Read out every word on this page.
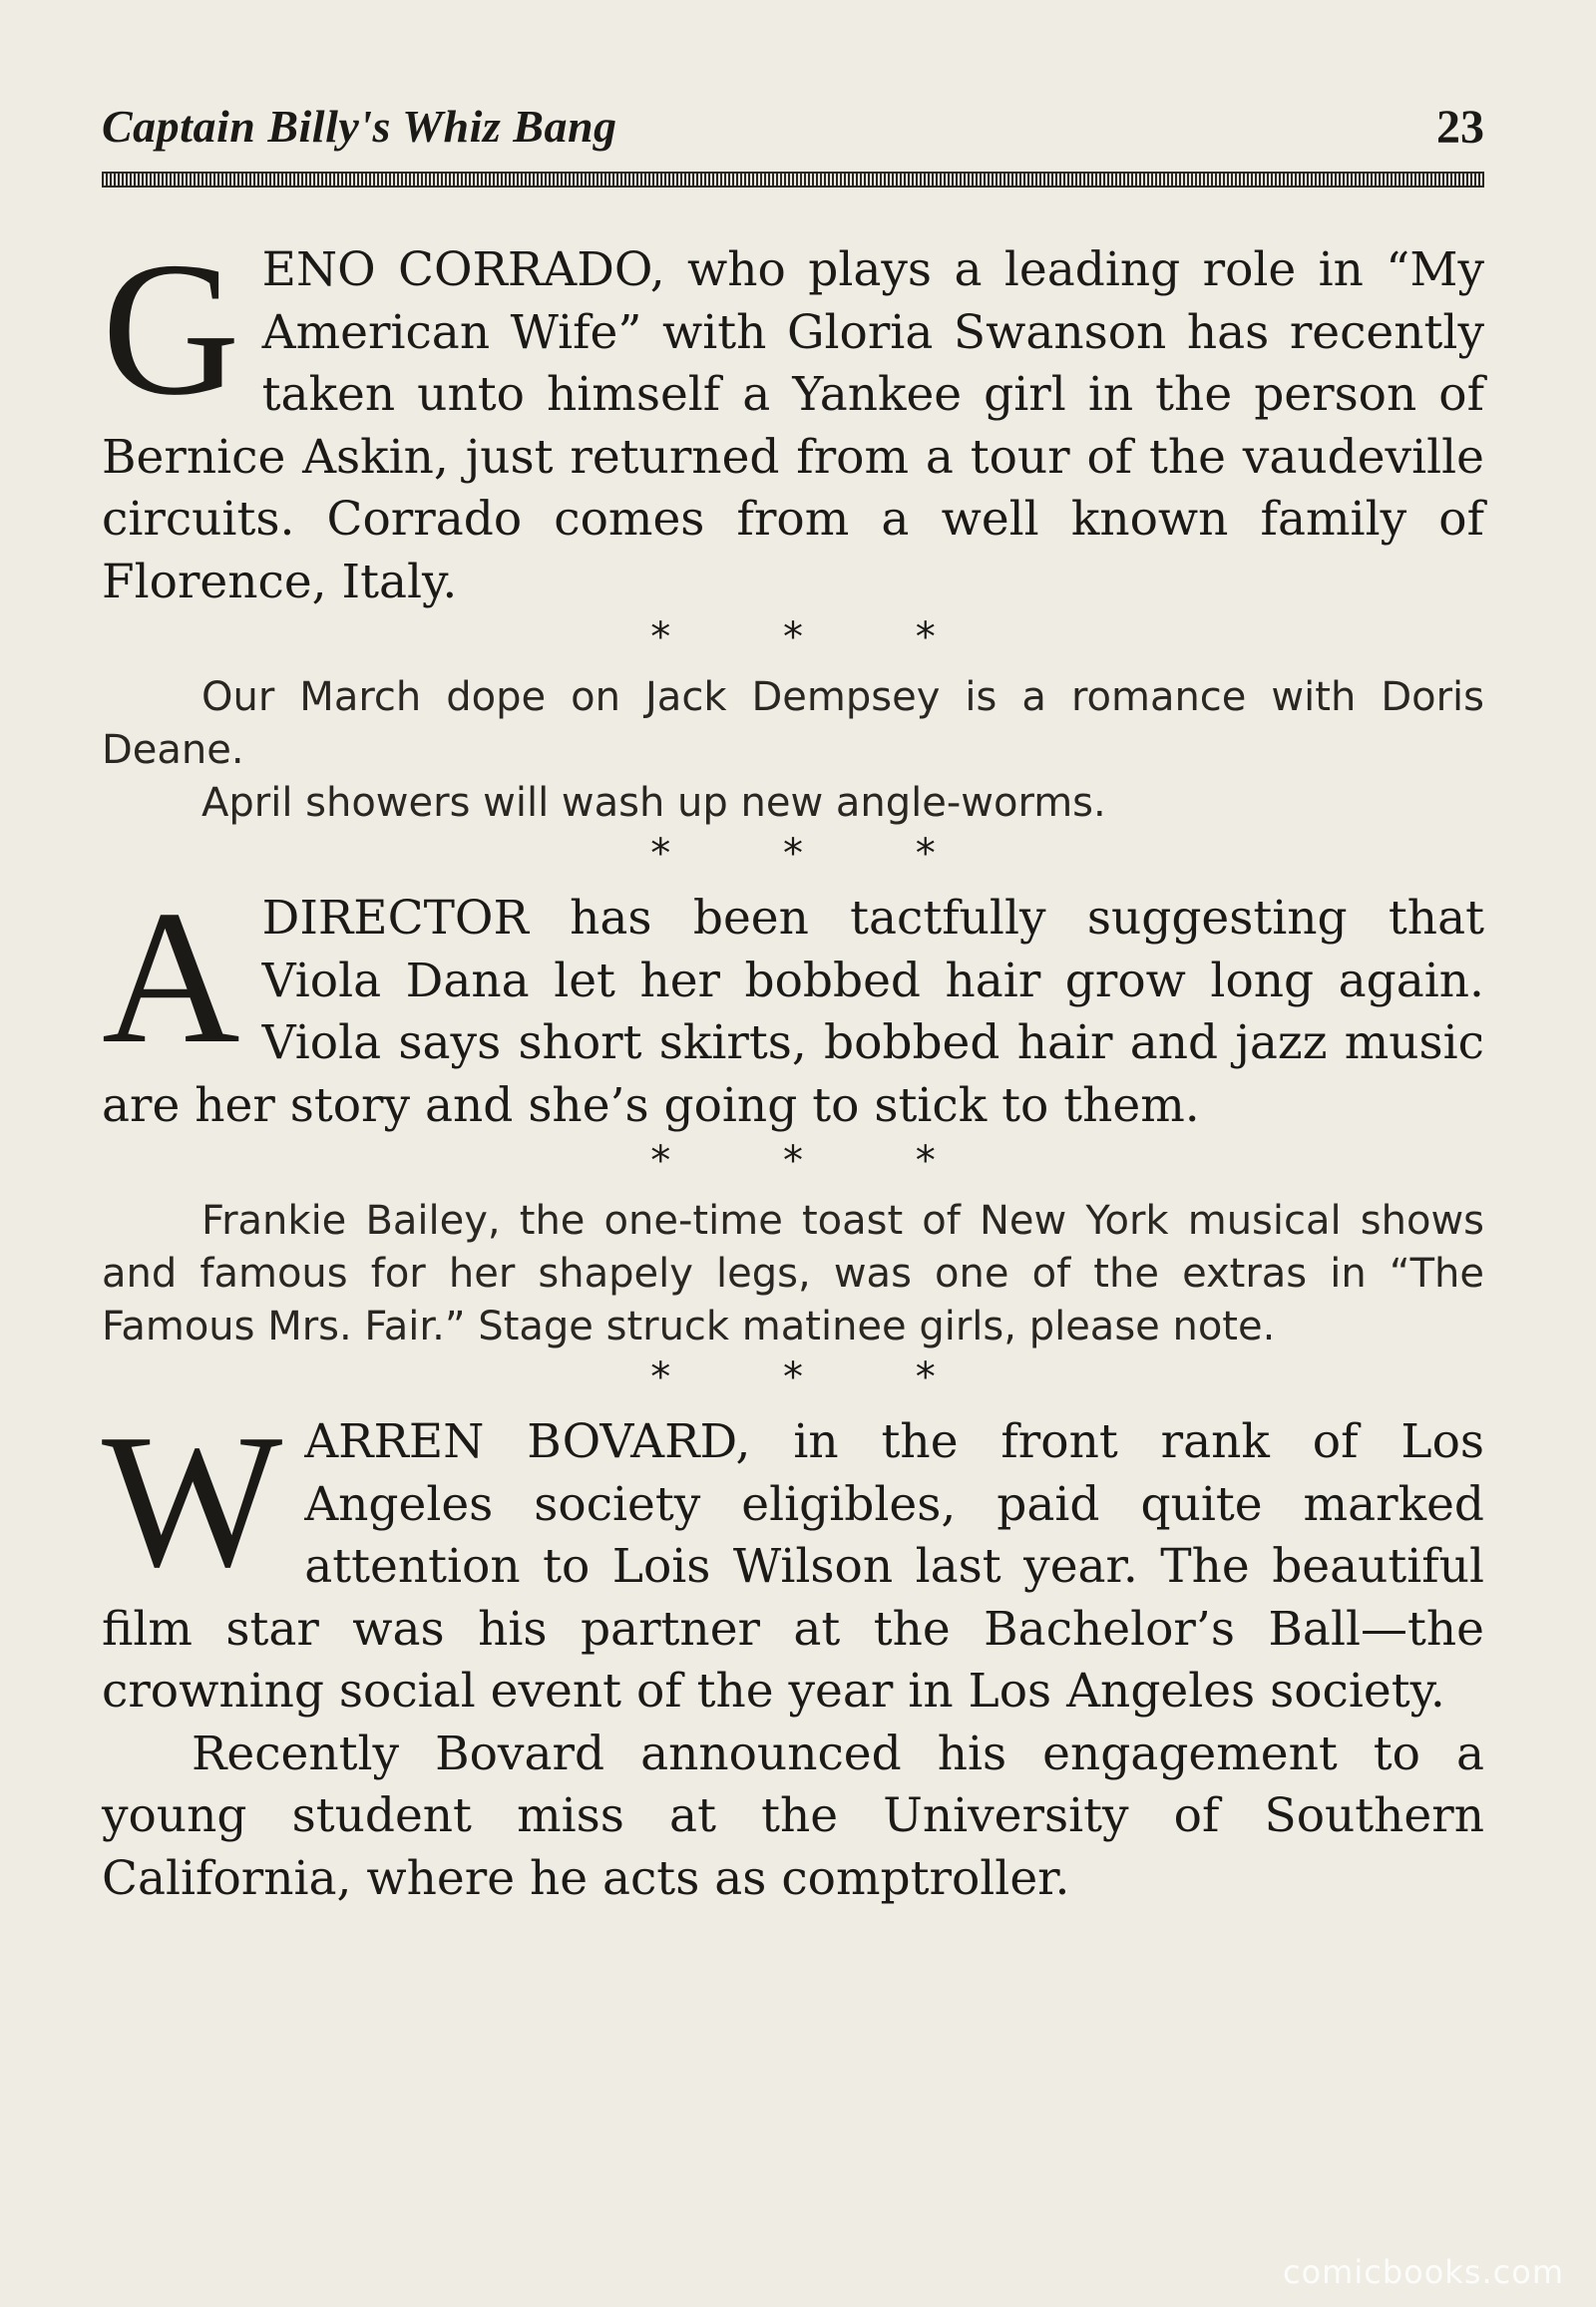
Captain Billy's Whiz Bang	23
GENO CORRADO, who plays a leading role in “My American Wife” with Gloria Swanson has recently taken unto himself a Yankee girl in the person of Bernice Askin, just returned from a tour of the vaudeville circuits. Corrado comes from a well known family of Florence, Italy.
* * *

Our March dope on Jack Dempsey is a romance with Doris Deane.

April showers will wash up new angle-worms.

* * *
ADIRECTOR has been tactfully suggesting that Viola Dana let her bobbed hair grow long again. Viola says short skirts, bobbed hair and jazz music are her story and she’s going to stick to them.
* * *

Frankie Bailey, the one-time toast of New York musical shows and famous for her shapely legs, was one of the extras in “The Famous Mrs. Fair.” Stage struck matinee girls, please note.

* * *
WARREN BOVARD, in the front rank of Los Angeles society eligibles, paid quite marked attention to Lois Wilson last year. The beautiful film star was his partner at the Bachelor’s Ball—the crowning social event of the year in Los Angeles society.

Recently Bovard announced his engagement to a young student miss at the University of Southern California, where he acts as comptroller.

comicbooks.com
